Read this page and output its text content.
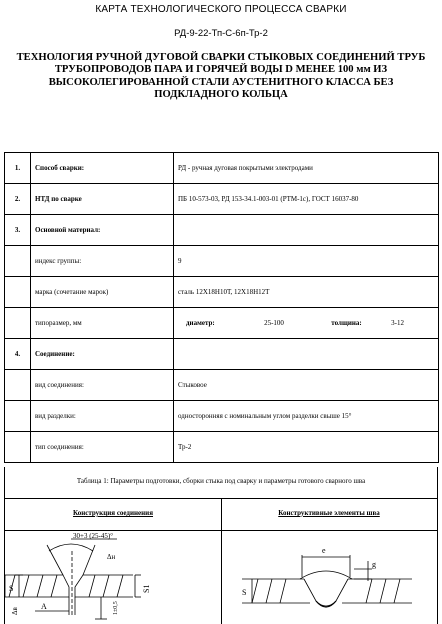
КАРТА ТЕХНОЛОГИЧЕСКОГО ПРОЦЕССА СВАРКИ
РД-9-22-Тп-С-6п-Тр-2
ТЕХНОЛОГИЯ РУЧНОЙ ДУГОВОЙ СВАРКИ СТЫКОВЫХ СОЕДИНЕНИЙ ТРУБ ТРУБОПРОВОДОВ ПАРА И ГОРЯЧЕЙ ВОДЫ D МЕНЕЕ 100 мм ИЗ ВЫСОКОЛЕГИРОВАННОЙ СТАЛИ АУСТЕНИТНОГО КЛАССА БЕЗ ПОДКЛАДНОГО КОЛЬЦА
1.	Способ сварки:	РД - ручная дуговая покрытыми электродами
2.	НТД по сварке	ПБ 10-573-03, РД 153-34.1-003-01 (РТМ-1с), ГОСТ 16037-80
3.	Основной материал:	
	индекс группы:	9
	марка (сочетание марок)	сталь 12Х18Н10Т, 12Х18Н12Т
	типоразмер, мм	диаметр: 25-100 толщина: 3-12

4.	Соединение:	
	вид соединения:	Стыковое
	вид разделки:	односторонняя с номинальным углом разделки свыше 15°
	тип соединения:	Тр-2
Таблица 1: Параметры подготовки, сборки стыка под сварку и параметры готового сварного шва
Конструкция соединения	Конструктивные элементы шва
30+3 (25-45)°
Δн
S	S1
A
Δв	1±0,5
e
g
S
